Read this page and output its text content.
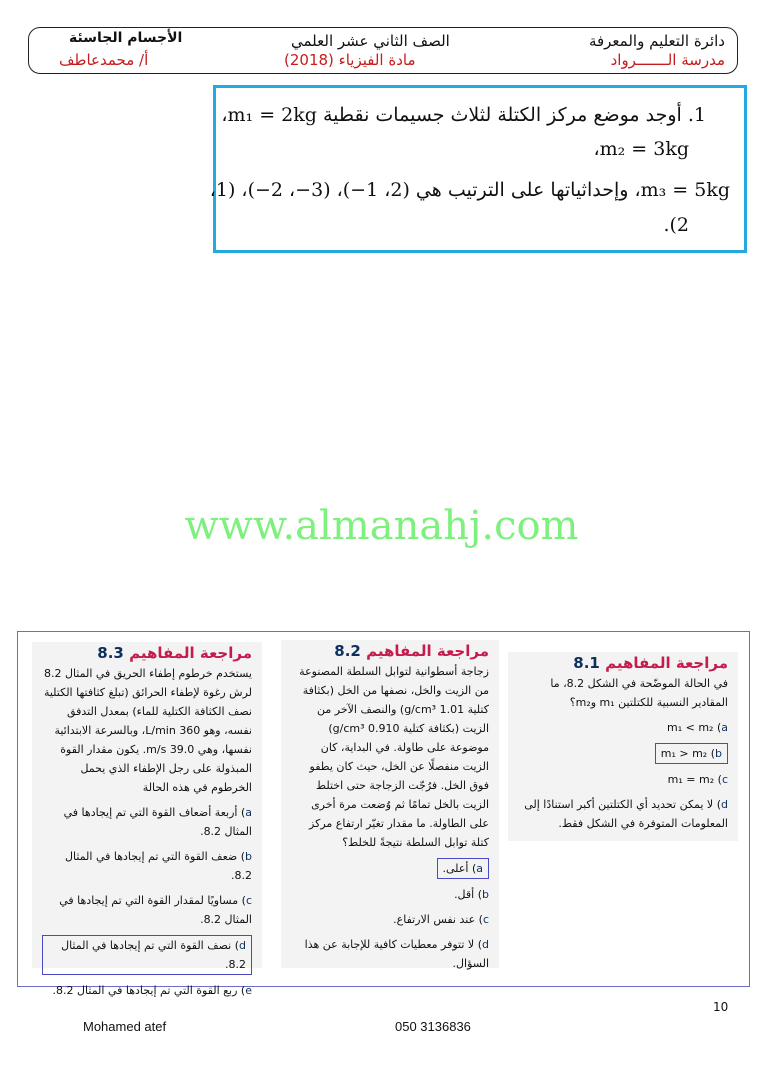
دائرة التعليم والمعرفة
مدرسة الـــــــرواد
الصف الثاني عشر العلمي
مادة الفيزياء (2018)
الأجسام الجاسئة
أ/ محمدعاطف
1. أوجد موضع مركز الكتلة لثلاث جسيمات نقطية m₁ = 2kg،
m₂ = 3kg،
m₃ = 5kg، وإحداثياتها على الترتيب هي (2، 1−)، (3−، 2−)، (1،
2).
www.almanahj.com
مراجعة المفاهيم 8.1
في الحالة الموضّحة في الشكل 8.2، ما المقادير النسبية للكتلتين m₁ وm₂؟
a) m₁ < m₂
b) m₁ > m₂
c) m₁ = m₂
d) لا يمكن تحديد أي الكتلتين أكبر استنادًا إلى المعلومات المتوفرة في الشكل فقط.
مراجعة المفاهيم 8.2
زجاجة أسطوانية لتوابل السلطة المصنوعة من الزيت والخل، نصفها من الخل (بكثافة كتلية 1.01 g/cm³) والنصف الآخر من الزيت (بكثافة كتلية 0.910 g/cm³) موضوعة على طاولة. في البداية، كان الزيت منفصلًا عن الخل، حيث كان يطفو فوق الخل. فرُجّت الزجاجة حتى اختلط الزيت بالخل تمامًا ثم وُضعت مرة أخرى على الطاولة. ما مقدار تغيّر ارتفاع مركز كتلة توابل السلطة نتيجةً للخلط؟
a) أعلى.
b) أقل.
c) عند نفس الارتفاع.
d) لا تتوفر معطيات كافية للإجابة عن هذا السؤال.
مراجعة المفاهيم 8.3
يستخدم خرطوم إطفاء الحريق في المثال 8.2 لرش رغوة لإطفاء الحرائق (تبلغ كثافتها الكتلية نصف الكثافة الكتلية للماء) بمعدل التدفق نفسه، وهو 360 L/min، وبالسرعة الابتدائية نفسها، وهي 39.0 m/s. يكون مقدار القوة المبذولة على رجل الإطفاء الذي يحمل الخرطوم في هذه الحالة
a) أربعة أضعاف القوة التي تم إيجادها في المثال 8.2.
b) ضعف القوة التي تم إيجادها في المثال 8.2.
c) مساويًا لمقدار القوة التي تم إيجادها في المثال 8.2.
d) نصف القوة التي تم إيجادها في المثال 8.2.
e) ربع القوة التي تم إيجادها في المثال 8.2.
10
Mohamed atef	050 3136836
